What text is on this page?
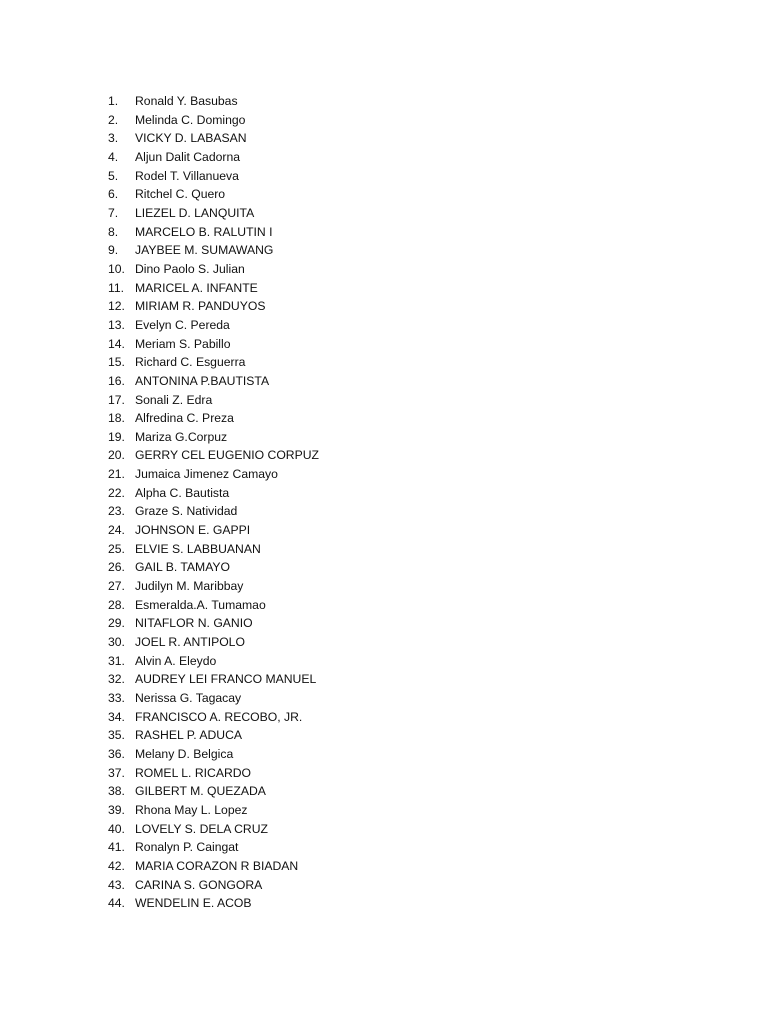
1.	Ronald Y. Basubas
2.	Melinda C. Domingo
3.	VICKY D. LABASAN
4.	Aljun Dalit Cadorna
5.	Rodel T. Villanueva
6.	Ritchel C. Quero
7.	LIEZEL D. LANQUITA
8.	MARCELO B. RALUTIN I
9.	JAYBEE M. SUMAWANG
10. Dino Paolo S. Julian
11. MARICEL A. INFANTE
12. MIRIAM R. PANDUYOS
13. Evelyn C. Pereda
14. Meriam S. Pabillo
15. Richard C. Esguerra
16. ANTONINA P.BAUTISTA
17. Sonali Z. Edra
18. Alfredina C. Preza
19. Mariza G.Corpuz
20. GERRY CEL EUGENIO CORPUZ
21. Jumaica Jimenez Camayo
22. Alpha C. Bautista
23. Graze S. Natividad
24. JOHNSON E. GAPPI
25. ELVIE S. LABBUANAN
26. GAIL B. TAMAYO
27. Judilyn M. Maribbay
28. Esmeralda.A. Tumamao
29. NITAFLOR N. GANIO
30. JOEL R. ANTIPOLO
31. Alvin A. Eleydo
32. AUDREY LEI FRANCO MANUEL
33. Nerissa G. Tagacay
34. FRANCISCO A. RECOBO, JR.
35. RASHEL P. ADUCA
36. Melany D. Belgica
37. ROMEL L. RICARDO
38. GILBERT M. QUEZADA
39. Rhona May L. Lopez
40. LOVELY S. DELA CRUZ
41. Ronalyn P. Caingat
42. MARIA CORAZON R BIADAN
43. CARINA S. GONGORA
44. WENDELIN E. ACOB
